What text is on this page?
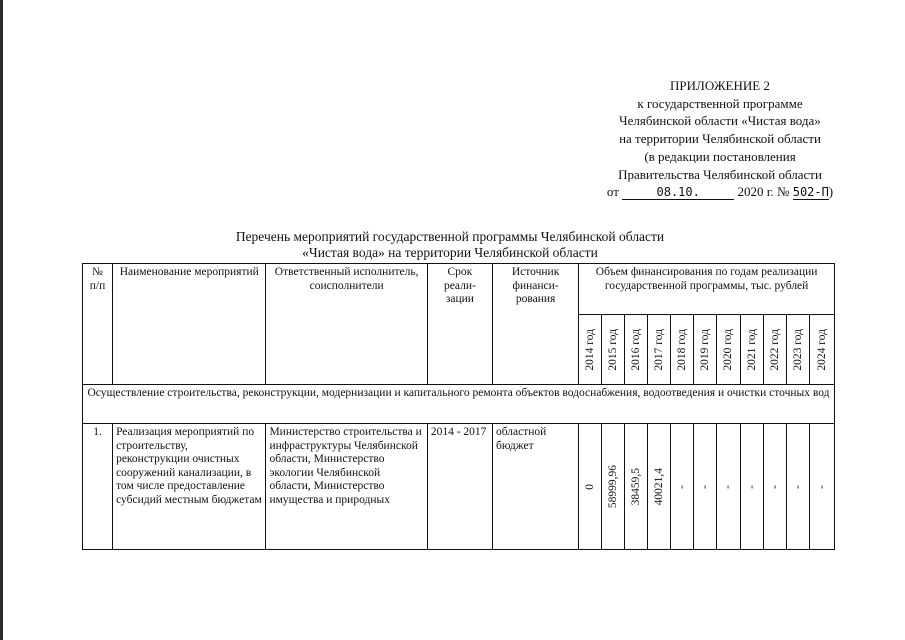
ПРИЛОЖЕНИЕ 2
к государственной программе
Челябинской области «Чистая вода»
на территории Челябинской области
(в редакции постановления
Правительства Челябинской области
от	08.10.	2020 г. № 502-П)
Перечень мероприятий государственной программы Челябинской области
«Чистая вода» на территории Челябинской области
№ п/п	Наименование мероприятий	Ответственный исполнитель, соисполнители	Срок реали- зации	Источник финанси- рования	Объем финансирования по годам реализации государственной программы, тыс. рублей										

					2014 год	2015 год	2016 год	2017 год	2018 год	2019 год	2020 год	2021 год	2022 год	2023 год	2024 год

Осуществление строительства, реконструкции, модернизации и капитального ремонта объектов водоснабжения, водоотведения и очистки сточных вод															
1.	Реализация мероприятий по строительству, реконструкции очистных сооружений канализации, в том числе предоставление субсидий местным бюджетам	Министерство строительства и инфраструктуры Челябинской области, Министерство экологии Челябинской области, Министерство имущества и природных	2014 - 2017	областной бюджет	0	58999,96	38459,5	40021,4	-	-	-	-	-	-	-
